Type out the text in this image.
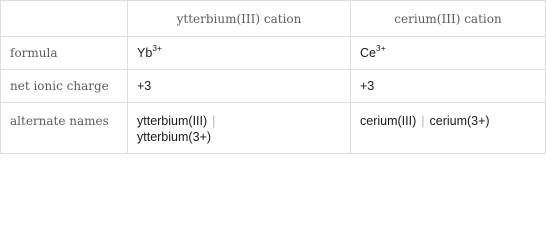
	ytterbium(III) cation	cerium(III) cation
formula	$Yb^{3+}$	$Ce^{3+}$
net ionic charge	+3	+3
alternate names	ytterbium(III) |
ytterbium(3+)	cerium(III) | cerium(3+)
